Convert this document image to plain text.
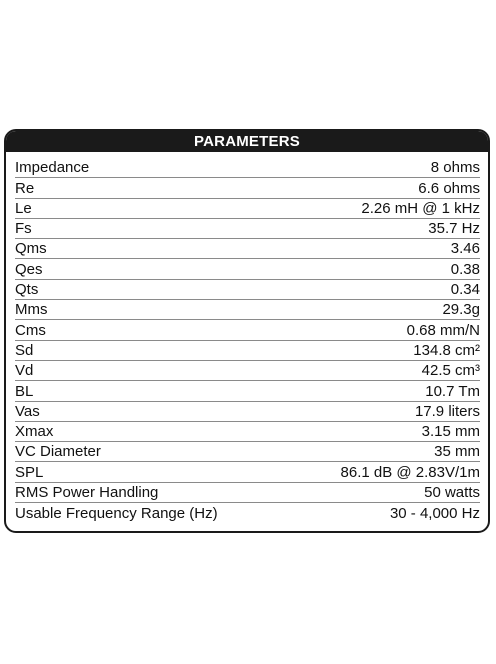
PARAMETERS
Impedance	8 ohms
Re	6.6 ohms
Le	2.26 mH @ 1 kHz
Fs	35.7 Hz
Qms	3.46
Qes	0.38
Qts	0.34
Mms	29.3g
Cms	0.68 mm/N
Sd	134.8 cm²
Vd	42.5 cm³
BL	10.7 Tm
Vas	17.9 liters
Xmax	3.15 mm
VC Diameter	35 mm
SPL	86.1 dB @ 2.83V/1m
RMS Power Handling	50 watts
Usable Frequency Range (Hz)	30 - 4,000 Hz
